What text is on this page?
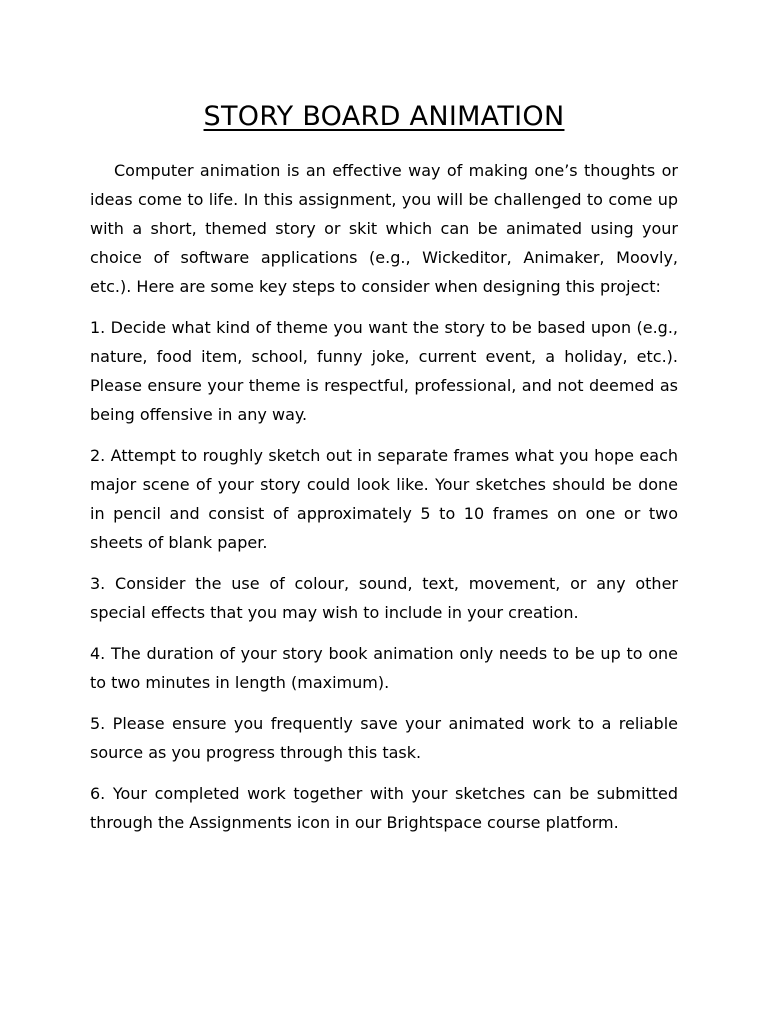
STORY BOARD ANIMATION

Computer animation is an effective way of making one’s thoughts or ideas come to life. In this assignment, you will be challenged to come up with a short, themed story or skit which can be animated using your choice of software applications (e.g., Wickeditor, Animaker, Moovly, etc.). Here are some key steps to consider when designing this project:

1. Decide what kind of theme you want the story to be based upon (e.g., nature, food item, school, funny joke, current event, a holiday, etc.). Please ensure your theme is respectful, professional, and not deemed as being offensive in any way.

2. Attempt to roughly sketch out in separate frames what you hope each major scene of your story could look like. Your sketches should be done in pencil and consist of approximately 5 to 10 frames on one or two sheets of blank paper.

3. Consider the use of colour, sound, text, movement, or any other special effects that you may wish to include in your creation.

4. The duration of your story book animation only needs to be up to one to two minutes in length (maximum).

5. Please ensure you frequently save your animated work to a reliable source as you progress through this task.

6. Your completed work together with your sketches can be submitted through the Assignments icon in our Brightspace course platform.
